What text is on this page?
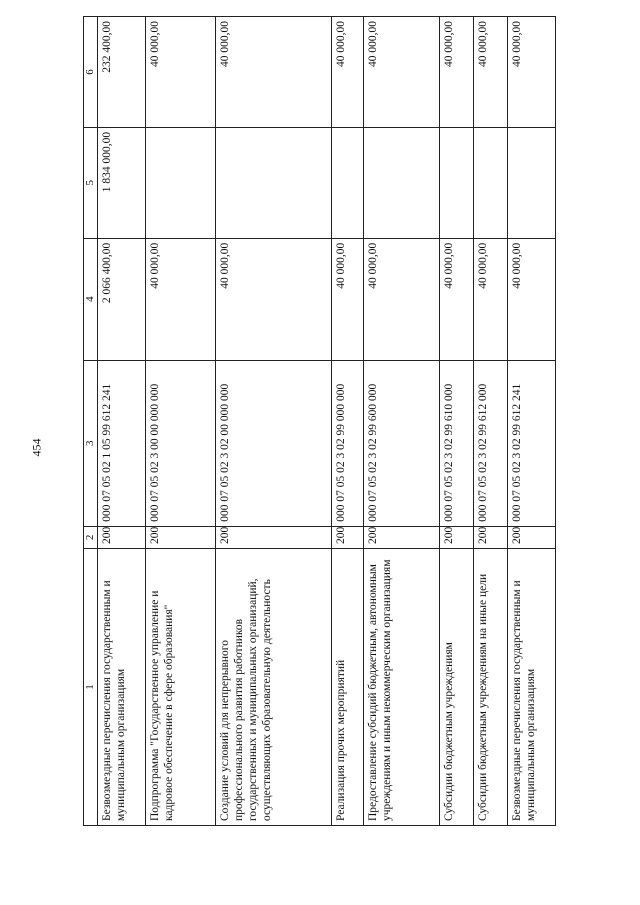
454
1	2	3	4	5	6
Безвозмездные перечисления государственным и муниципальным организациям	200	000 07 05 02 1 05 99 612 241	2 066 400,00	1 834 000,00	232 400,00
Подпрограмма "Государственное управление и кадровое обеспечение в сфере образования"	200	000 07 05 02 3 00 00 000 000	40 000,00		40 000,00
Создание условий для непрерывного профессионального развития работников государственных и муниципальных организаций, осуществляющих образовательную деятельность	200	000 07 05 02 3 02 00 000 000	40 000,00		40 000,00
Реализация прочих мероприятий	200	000 07 05 02 3 02 99 000 000	40 000,00		40 000,00
Предоставление субсидий бюджетным, автономным учреждениям и иным некоммерческим организациям	200	000 07 05 02 3 02 99 600 000	40 000,00		40 000,00
Субсидии бюджетным учреждениям	200	000 07 05 02 3 02 99 610 000	40 000,00		40 000,00
Субсидии бюджетным учреждениям на иные цели	200	000 07 05 02 3 02 99 612 000	40 000,00		40 000,00
Безвозмездные перечисления государственным и муниципальным организациям	200	000 07 05 02 3 02 99 612 241	40 000,00		40 000,00
